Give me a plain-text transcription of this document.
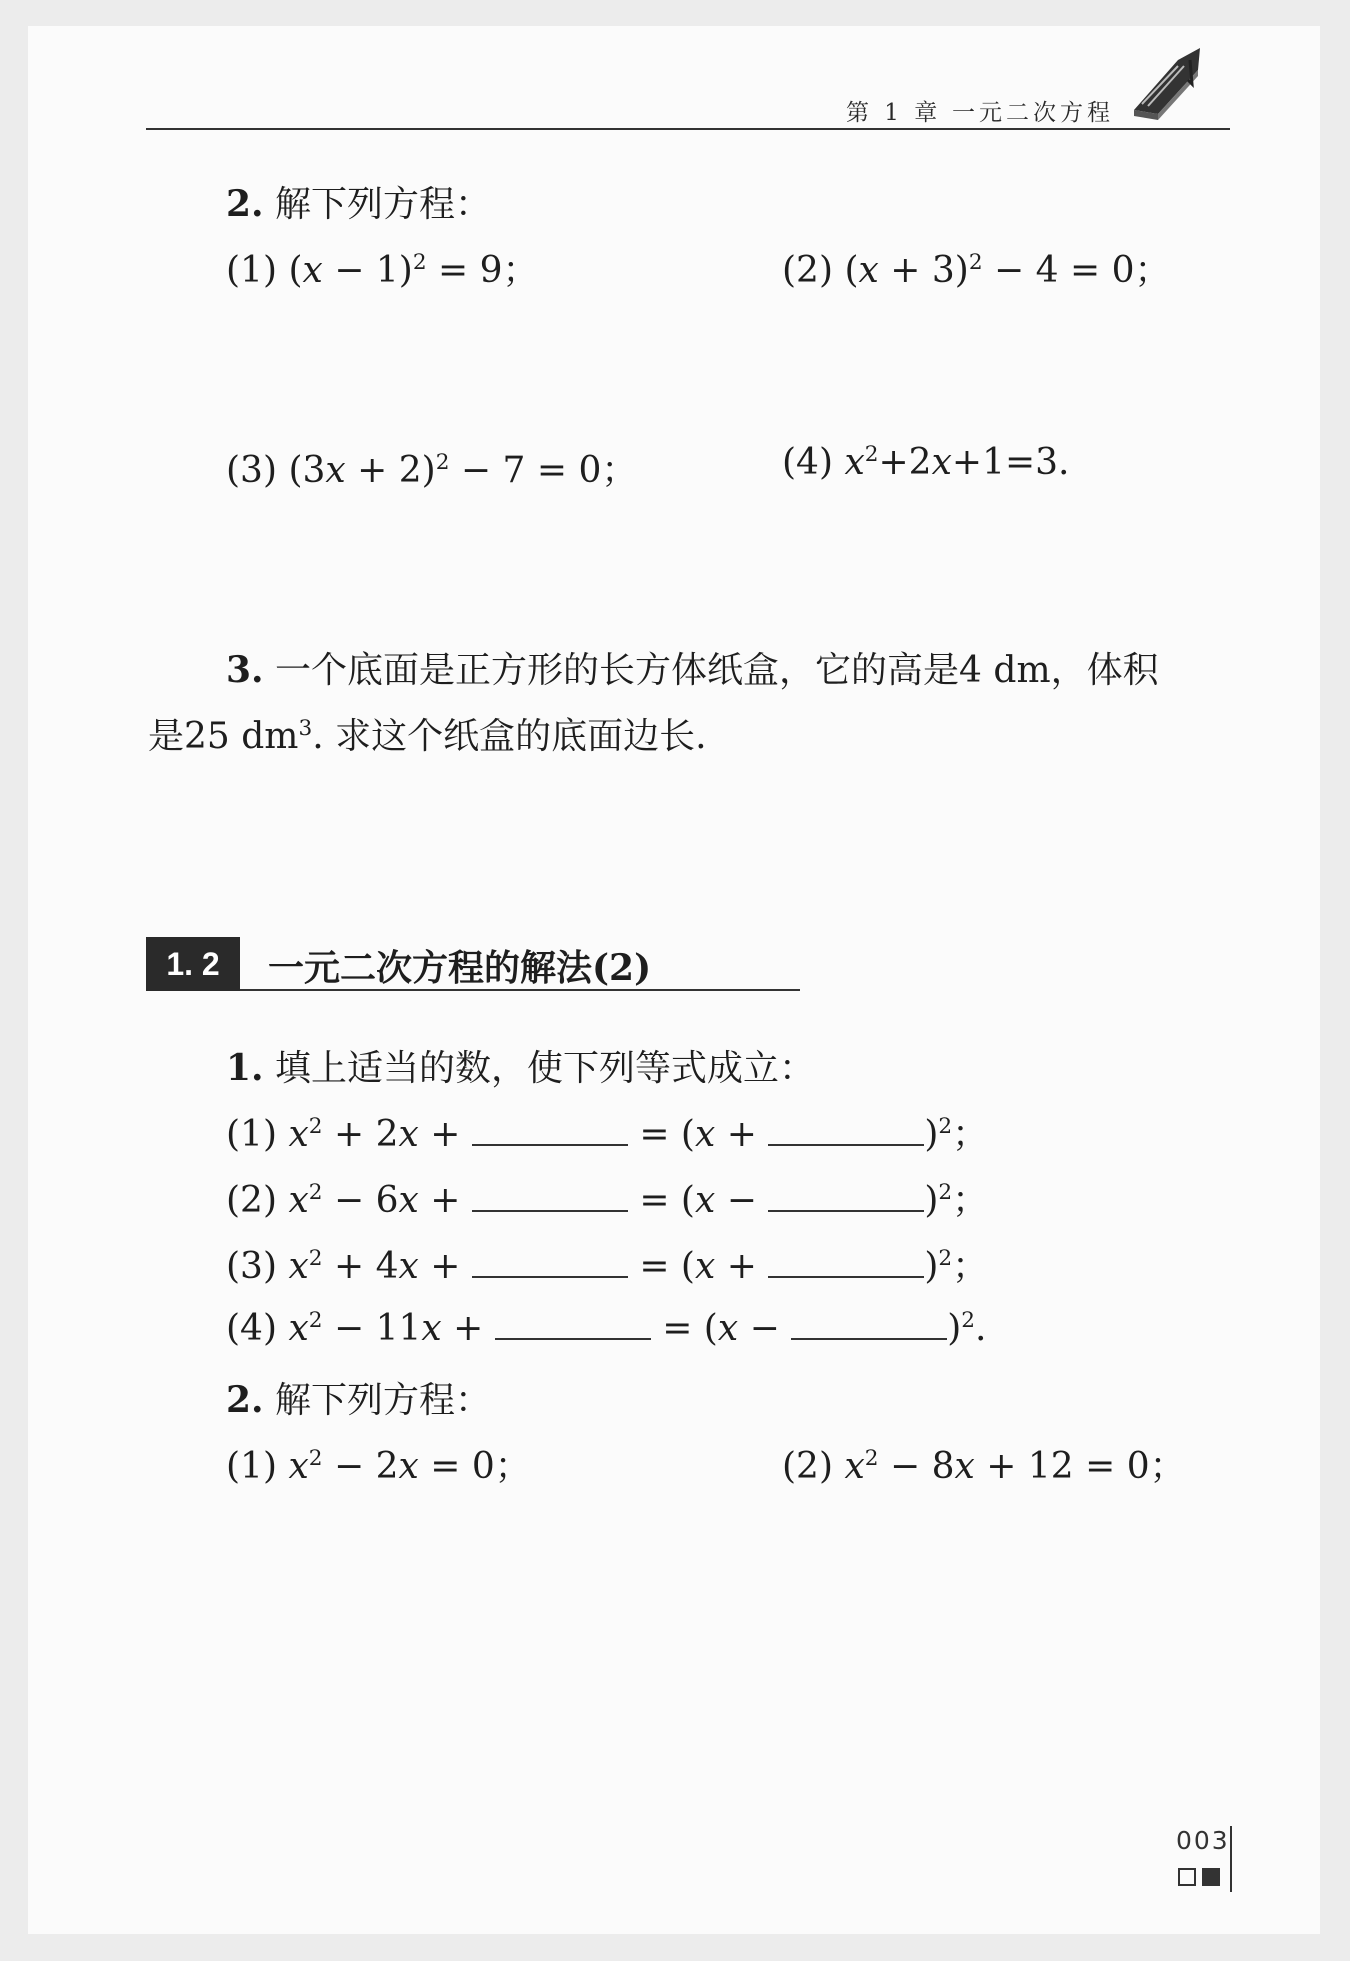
第 1 章 一元二次方程
2. 解下列方程：
(1) $(x - 1)^2 = 9$；	(2) $(x + 3)^2 - 4 = 0$；
(3) $(3x + 2)^2 - 7 = 0$；	(4) $x^2+2x+1=3$.
3. 一个底面是正方形的长方体纸盒，它的高是4 dm，体积
是25 $dm^3$. 求这个纸盒的底面边长.
1. 2 一元二次方程的解法(2)
1. 填上适当的数，使下列等式成立：
(1) $x^2 + 2x$ +	= (x +	)$^2$；
(2) $x^2 - 6x$ +	= (x −	)$^2$；
(3) $x^2 + 4x$ +	= (x +	)$^2$；
(4) $x^2 - 11x$ +	= (x −	)$^2$.
2. 解下列方程：
(1) $x^2 - 2x = 0$；	(2) $x^2 - 8x + 12 = 0$；
003
